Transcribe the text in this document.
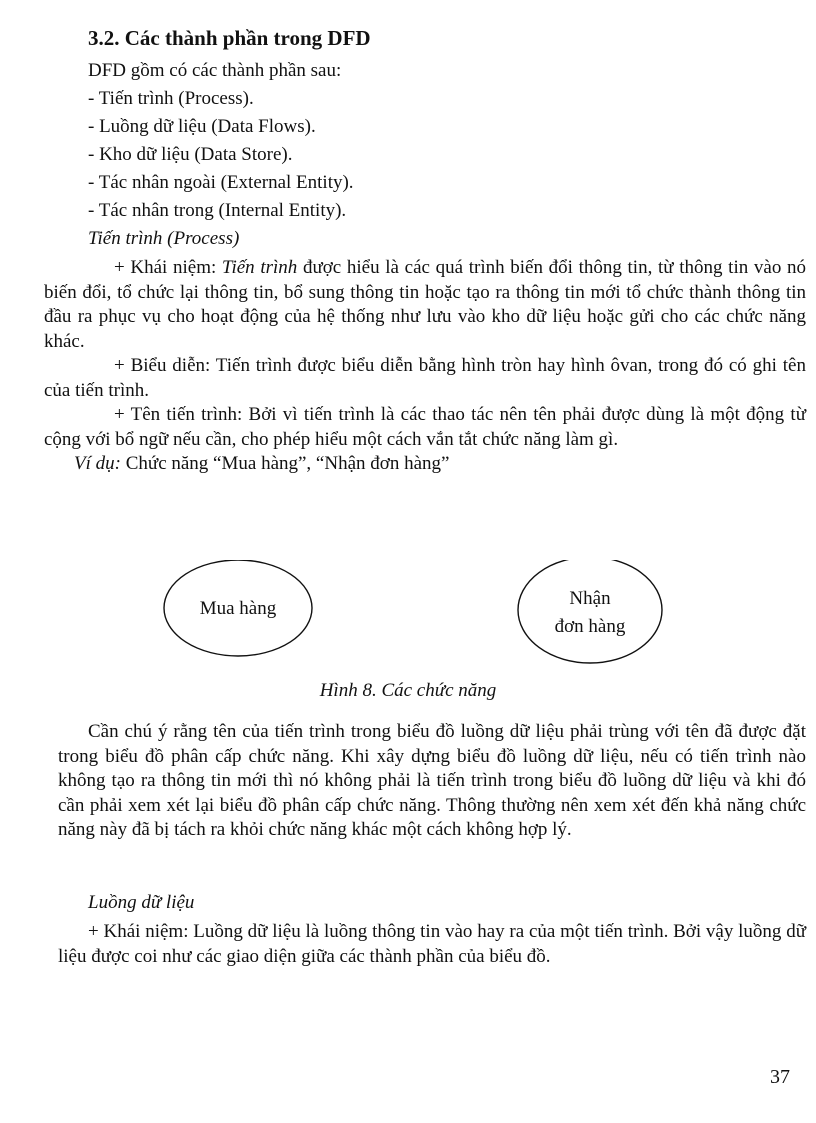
3.2. Các thành phần trong DFD
DFD gồm có các thành phần sau:
- Tiến trình (Process).
- Luồng dữ liệu (Data Flows).
- Kho dữ liệu (Data Store).
- Tác nhân ngoài (External Entity).
- Tác nhân trong (Internal Entity).
Tiến trình (Process)

+ Khái niệm: Tiến trình được hiểu là các quá trình biến đổi thông tin, từ thông tin vào nó biến đổi, tổ chức lại thông tin, bổ sung thông tin hoặc tạo ra thông tin mới tổ chức thành thông tin đầu ra phục vụ cho hoạt động của hệ thống như lưu vào kho dữ liệu hoặc gửi cho các chức năng khác.

+ Biểu diễn: Tiến trình được biểu diễn bằng hình tròn hay hình ôvan, trong đó có ghi tên của tiến trình.

+ Tên tiến trình: Bởi vì tiến trình là các thao tác nên tên phải được dùng là một động từ cộng với bổ ngữ nếu cần, cho phép hiểu một cách vắn tắt chức năng làm gì.

Ví dụ: Chức năng “Mua hàng”, “Nhận đơn hàng”

Mua hàng	Nhận
đơn hàng
Hình 8. Các chức năng

Cần chú ý rằng tên của tiến trình trong biểu đồ luồng dữ liệu phải trùng với tên đã được đặt trong biểu đồ phân cấp chức năng. Khi xây dựng biểu đồ luồng dữ liệu, nếu có tiến trình nào không tạo ra thông tin mới thì nó không phải là tiến trình trong biểu đồ luồng dữ liệu và khi đó cần phải xem xét lại biểu đồ phân cấp chức năng. Thông thường nên xem xét đến khả năng chức năng này đã bị tách ra khỏi chức năng khác một cách không hợp lý.

Luồng dữ liệu

+ Khái niệm: Luồng dữ liệu là luồng thông tin vào hay ra của một tiến trình. Bởi vậy luồng dữ liệu được coi như các giao diện giữa các thành phần của biểu đồ.

37
